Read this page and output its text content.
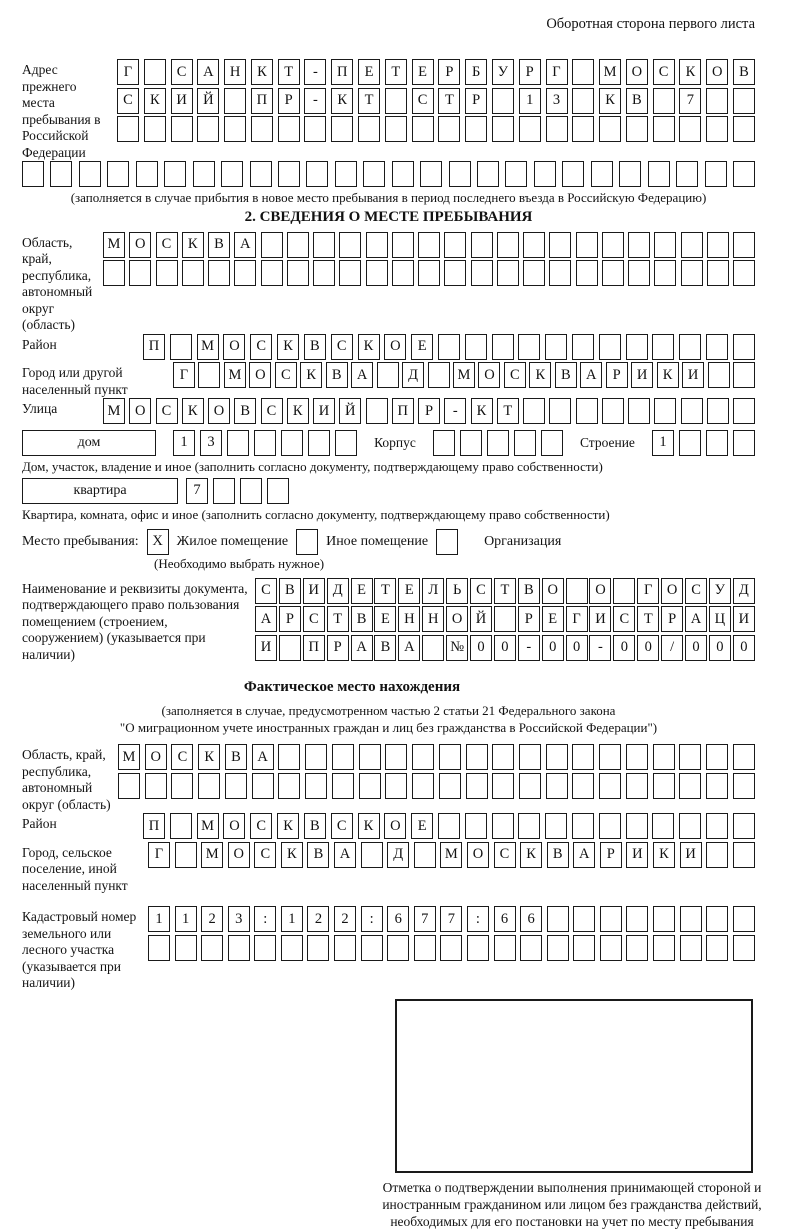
Оборотная сторона первого листа
Адрес прежнего места пребывания в Российской Федерации
Г	С	А	Н	К	Т	-	П	Е	Т	Е	Р	Б	У	Р	Г	М	О	С	К	О	В
С	К	И	Й	П	Р	-	К	Т	С	Т	Р	1	3	К	В	7
(заполняется в случае прибытия в новое место пребывания в период последнего въезда в Российскую Федерацию)
2. СВЕДЕНИЯ О МЕСТЕ ПРЕБЫВАНИЯ
Область, край, республика, автономный округ (область)
М	О	С	К	В	А
Район	П	М	О	С	К	В	С	К	О	Е
Город или другой населенный пункт
Г	М О	С	К	В	А	Д	М О	С	К	В	А	Р	И	К	И
Улица	М	О	С	К	О	В	С	К	И	Й	П	Р	-	К	Т
дом	1	3	Корпус	Строение	1
Дом, участок, владение и иное (заполнить согласно документу, подтверждающему право собственности)
квартира	7
Квартира, комната, офис и иное (заполнить согласно документу, подтверждающему право собственности)
Место пребывания: X Жилое помещение	Иное помещение	Организация
(Необходимо выбрать нужное)
Наименование и реквизиты документа, подтверждающего право пользования помещением (строением, сооружением) (указывается при наличии)
С В И Д	Е	Т	Е	Л	Ь	С	Т	В О	О	Г О С У Д
А	Р	С	Т	В	Е Н Н О Й	Р	Е	Г И С	Т	Р	А Ц И
И	П	Р	А В А	№ 0	0	-	0	0	-	0	0	/	0	0	0
Фактическое место нахождения
(заполняется в случае, предусмотренном частью 2 статьи 21 Федерального закона
"О миграционном учете иностранных граждан и лиц без гражданства в Российской Федерации")
Область, край, республика, автономный округ (область)
М	О	С	К	В	А
Район	П	М	О	С	К	В	С	К	О	Е
Город, сельское поселение, иной населенный пункт
Г	М	О	С	К	В	А	Д	М	О	С	К	В	А	Р	И	К	И
Кадастровый номер земельного или лесного участка (указывается при наличии)
1	1	2	3	:	1	2	2	:	6	7	7	:	6	6
Отметка о подтверждении выполнения принимающей стороной и иностранным гражданином или лицом без гражданства действий, необходимых для его постановки на учет по месту пребывания
